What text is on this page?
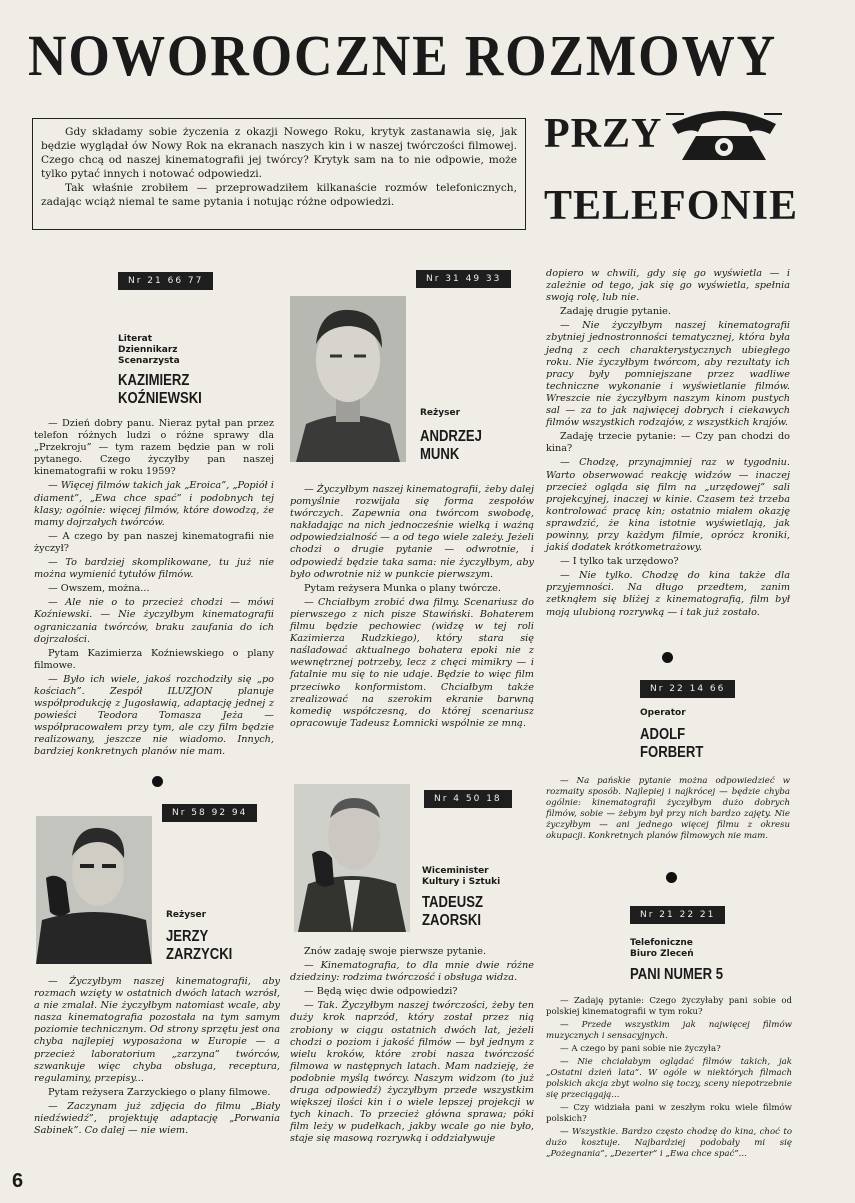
NOWOROCZNE ROZMOWY

Gdy składamy sobie życzenia z okazji Nowego Roku, krytyk zastanawia się, jak będzie wyglądał ów Nowy Rok na ekranach naszych kin i w naszej twórczości filmowej. Czego chcą od naszej kinematografii jej twórcy? Krytyk sam na to nie odpowie, może tylko pytać innych i notować odpowiedzi.

Tak właśnie zrobiłem — przeprowadziłem kilkanaście rozmów telefonicznych, zadając wciąż niemal te same pytania i notując różne odpowiedzi.

PRZY
TELEFONIE
Nr 21 66 77
Literat
Dziennikarz
Scenarzysta
KAZIMIERZ
KOŹNIEWSKI

— Dzień dobry panu. Nieraz pytał pan przez telefon różnych ludzi o różne sprawy dla „Przekroju” — tym razem będzie pan w roli pytanego. Czego życzyłby pan naszej kinematografii w roku 1959?

— Więcej filmów takich jak „Eroica”, „Popiół i diament”, „Ewa chce spać” i podobnych tej klasy; ogólnie: więcej filmów, które dowodzą, że mamy dojrzałych twórców.

— A czego by pan naszej kinematografii nie życzył?

— To bardziej skomplikowane, tu już nie można wymienić tytułów filmów.

— Owszem, można...

— Ale nie o to przecież chodzi — mówi Koźniewski. — Nie życzyłbym kinematografii ograniczania twórców, braku zaufania do ich dojrzałości.

Pytam Kazimierza Koźniewskiego o plany filmowe.

— Było ich wiele, jakoś rozchodziły się „po kościach”. Zespół ILUZJON planuje współprodukcję z Jugosławią, adaptację jednej z powieści Teodora Tomasza Jeża — współpracowałem przy tym, ale czy film będzie realizowany, jeszcze nie wiadomo. Innych, bardziej konkretnych planów nie mam.

Nr 31 49 33
Reżyser
ANDRZEJ
MUNK

— Życzyłbym naszej kinematografii, żeby dalej pomyślnie rozwijała się forma zespołów twórczych. Zapewnia ona twórcom swobodę, nakładając na nich jednocześnie wielką i ważną odpowiedzialność — a od tego wiele zależy. Jeżeli chodzi o drugie pytanie — odwrotnie, i odpowiedź będzie taka sama: nie życzyłbym, aby było odwrotnie niż w punkcie pierwszym.

Pytam reżysera Munka o plany twórcze.

— Chciałbym zrobić dwa filmy. Scenariusz do pierwszego z nich pisze Stawiński. Bohaterem filmu będzie pechowiec (widzę w tej roli Kazimierza Rudzkiego), który stara się naśladować aktualnego bohatera epoki nie z wewnętrznej potrzeby, lecz z chęci mimikry — i fatalnie mu się to nie udaje. Będzie to więc film przeciwko konformistom. Chciałbym także zrealizować na szerokim ekranie barwną komedię współczesną, do której scenariusz opracowuje Tadeusz Łomnicki wspólnie ze mną.

dopiero w chwili, gdy się go wyświetla — i zależnie od tego, jak się go wyświetla, spełnia swoją rolę, lub nie.

Zadaję drugie pytanie.

— Nie życzyłbym naszej kinematografii zbytniej jednostronności tematycznej, która była jedną z cech charakterystycznych ubiegłego roku. Nie życzyłbym twórcom, aby rezultaty ich pracy były pomniejszane przez wadliwe techniczne wykonanie i wyświetlanie filmów. Wreszcie nie życzyłbym naszym kinom pustych sal — za to jak najwięcej dobrych i ciekawych filmów wszystkich rodzajów, z wszystkich krajów.

Zadaję trzecie pytanie: — Czy pan chodzi do kina?

— Chodzę, przynajmniej raz w tygodniu. Warto obserwować reakcję widzów — inaczej przecież ogląda się film na „urzędowej” sali projekcyjnej, inaczej w kinie. Czasem też trzeba kontrolować pracę kin; ostatnio miałem okazję sprawdzić, że kina istotnie wyświetlają, jak powinny, przy każdym filmie, oprócz kroniki, jakiś dodatek krótkometrażowy.

— I tylko tak urzędowo?

— Nie tylko. Chodzę do kina także dla przyjemności. Na długo przedtem, zanim zetknąłem się bliżej z kinematografią, film był moją ulubioną rozrywką — i tak już zostało.

Nr 22 14 66
Operator
ADOLF
FORBERT

— Na pańskie pytanie można odpowiedzieć w rozmaity sposób. Najlepiej i najkrócej — będzie chyba ogólnie: kinematografii życzyłbym dużo dobrych filmów, sobie — żebym był przy nich bardzo zajęty. Nie życzyłbym — ani jednego więcej filmu z okresu okupacji. Konkretnych planów filmowych nie mam.

Nr 58 92 94
Reżyser
JERZY
ZARZYCKI

— Życzyłbym naszej kinematografii, aby rozmach wzięty w ostatnich dwóch latach wzrósł, a nie zmalał. Nie życzyłbym natomiast wcale, aby nasza kinematografia pozostała na tym samym poziomie technicznym. Od strony sprzętu jest ona chyba najlepiej wyposażona w Europie — a przecież laboratorium „zarzyna” twórców, szwankuje więc chyba obsługa, receptura, regulaminy, przepisy...

Pytam reżysera Zarzyckiego o plany filmowe.

— Zaczynam już zdjęcia do filmu „Biały niedźwiedź”, projektuję adaptację „Porwania Sabinek”. Co dalej — nie wiem.

Nr 4 50 18
Wiceminister
Kultury i Sztuki
TADEUSZ
ZAORSKI

Znów zadaję swoje pierwsze pytanie.

— Kinematografia, to dla mnie dwie różne dziedziny: rodzima twórczość i obsługa widza.

— Będą więc dwie odpowiedzi?

— Tak. Życzyłbym naszej twórczości, żeby ten duży krok naprzód, który został przez nią zrobiony w ciągu ostatnich dwóch lat, jeżeli chodzi o poziom i jakość filmów — był jednym z wielu kroków, które zrobi nasza twórczość filmowa w następnych latach. Mam nadzieję, że podobnie myślą twórcy. Naszym widzom (to już druga odpowiedź) życzyłbym przede wszystkim większej ilości kin i o wiele lepszej projekcji w tych kinach. To przecież główna sprawa; póki film leży w pudełkach, jakby wcale go nie było, staje się masową rozrywką i oddziaływuje

Nr 21 22 21
Telefoniczne
Biuro Zleceń
PANI NUMER 5

— Zadaję pytanie: Czego życzyłaby pani sobie od polskiej kinematografii w tym roku?

— Przede wszystkim jak najwięcej filmów muzycznych i sensacyjnych.

— A czego by pani sobie nie życzyła?

— Nie chciałabym oglądać filmów takich, jak „Ostatni dzień lata”. W ogóle w niektórych filmach polskich akcja zbyt wolno się toczy, sceny niepotrzebnie się przeciągają...

— Czy widziała pani w zeszłym roku wiele filmów polskich?

— Wszystkie. Bardzo często chodzę do kina, choć to dużo kosztuje. Najbardziej podobały mi się „Pożegnania”, „Dezerter” i „Ewa chce spać”...

6
